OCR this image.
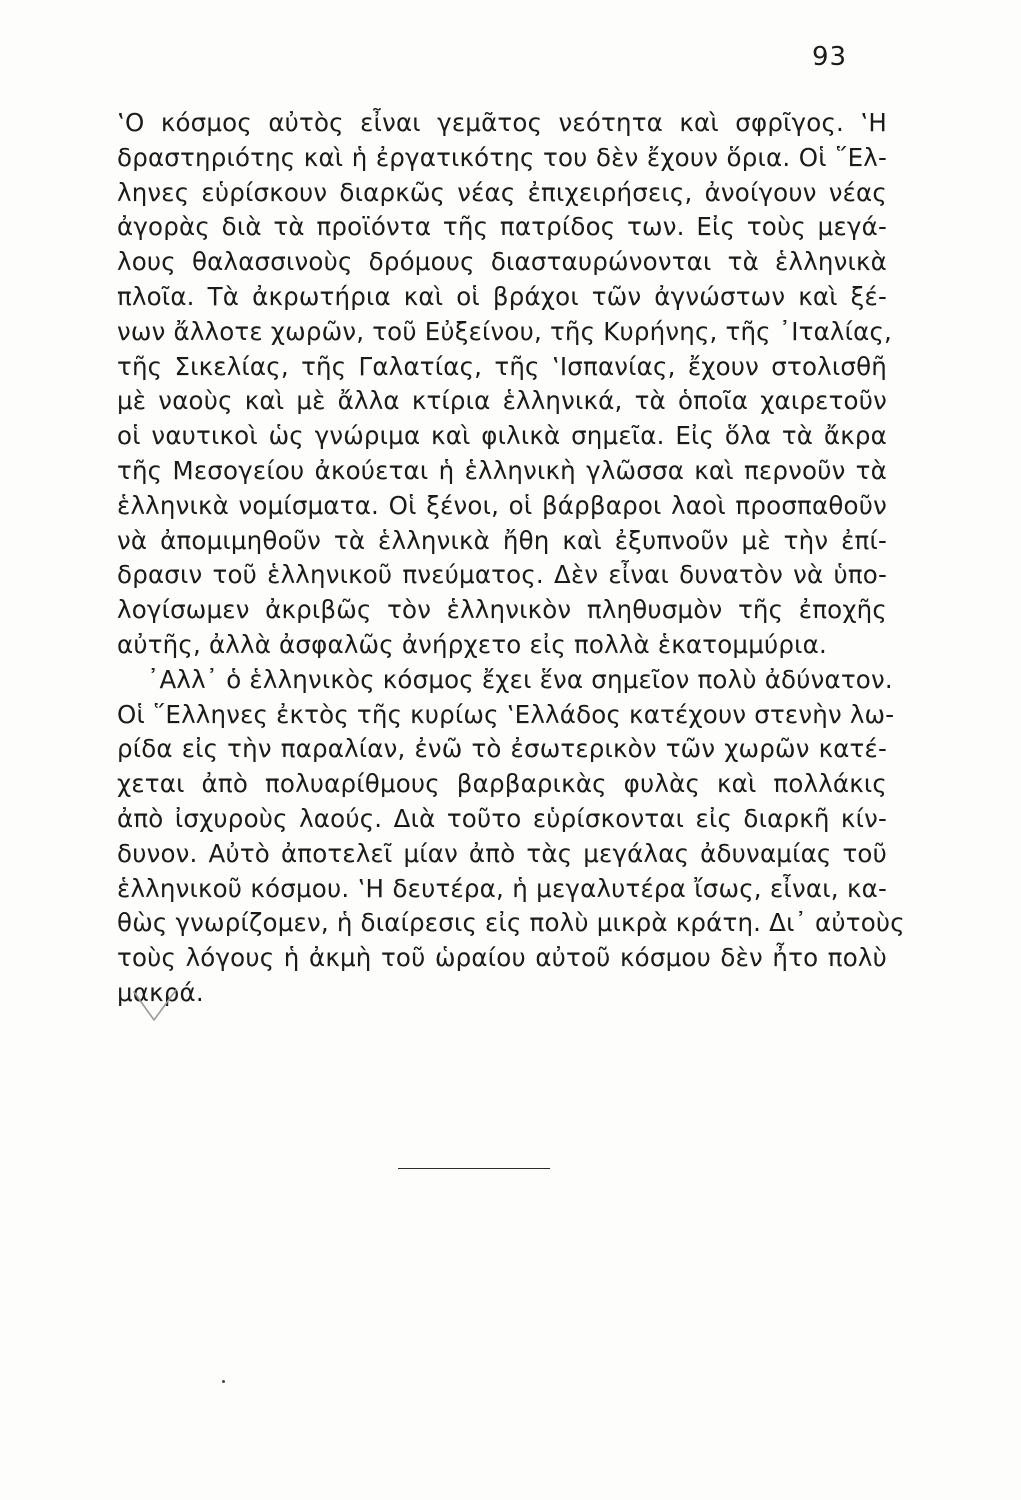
93
‛Ο κόσμος αὐτὸς εἶναι γεμᾶτος νεότητα καὶ σφρῖγος. ‛Η
δραστηριότης καὶ ἡ ἐργατικότης του δὲν ἔχουν ὅρια. Οἱ ῞Ελ-
ληνες εὑρίσκουν διαρκῶς νέας ἐπιχειρήσεις, ἀνοίγουν νέας
ἀγορὰς διὰ τὰ προϊόντα τῆς πατρίδος των. Εἰς τοὺς μεγά-
λους θαλασσινοὺς δρόμους διασταυρώνονται τὰ ἑλληνικὰ
πλοῖα. Τὰ ἀκρωτήρια καὶ οἱ βράχοι τῶν ἀγνώστων καὶ ξέ-
νων ἄλλοτε χωρῶν, τοῦ Εὐξείνου, τῆς Κυρήνης, τῆς ᾿Ιταλίας,
τῆς Σικελίας, τῆς Γαλατίας, τῆς ‛Ισπανίας, ἔχουν στολισθῆ
μὲ ναοὺς καὶ μὲ ἄλλα κτίρια ἑλληνικά, τὰ ὁποῖα χαιρετοῦν
οἱ ναυτικοὶ ὡς γνώριμα καὶ φιλικὰ σημεῖα. Εἰς ὅλα τὰ ἄκρα
τῆς Μεσογείου ἀκούεται ἡ ἑλληνικὴ γλῶσσα καὶ περνοῦν τὰ
ἑλληνικὰ νομίσματα. Οἱ ξένοι, οἱ βάρβαροι λαοὶ προσπαθοῦν
νὰ ἀπομιμηθοῦν τὰ ἑλληνικὰ ἤθη καὶ ἐξυπνοῦν μὲ τὴν ἐπί-
δρασιν τοῦ ἑλληνικοῦ πνεύματος. Δὲν εἶναι δυνατὸν νὰ ὑπο-
λογίσωμεν ἀκριβῶς τὸν ἑλληνικὸν πληθυσμὸν τῆς ἐποχῆς
αὐτῆς, ἀλλὰ ἀσφαλῶς ἀνήρχετο εἰς πολλὰ ἑκατομμύρια.
᾿Αλλ᾿ ὁ ἑλληνικὸς κόσμος ἔχει ἕνα σημεῖον πολὺ ἀδύνατον.
Οἱ ῞Ελληνες ἐκτὸς τῆς κυρίως ‛Ελλάδος κατέχουν στενὴν λω-
ρίδα εἰς τὴν παραλίαν, ἐνῶ τὸ ἐσωτερικὸν τῶν χωρῶν κατέ-
χεται ἀπὸ πολυαρίθμους βαρβαρικὰς φυλὰς καὶ πολλάκις
ἀπὸ ἰσχυροὺς λαούς. Διὰ τοῦτο εὑρίσκονται εἰς διαρκῆ κίν-
δυνον. Αὐτὸ ἀποτελεῖ μίαν ἀπὸ τὰς μεγάλας ἀδυναμίας τοῦ
ἑλληνικοῦ κόσμου. ‛Η δευτέρα, ἡ μεγαλυτέρα ἴσως, εἶναι, κα-
θὼς γνωρίζομεν, ἡ διαίρεσις εἰς πολὺ μικρὰ κράτη. Δι᾿ αὐτοὺς
τοὺς λόγους ἡ ἀκμὴ τοῦ ὡραίου αὐτοῦ κόσμου δὲν ἦτο πολὺ
μακρά.
